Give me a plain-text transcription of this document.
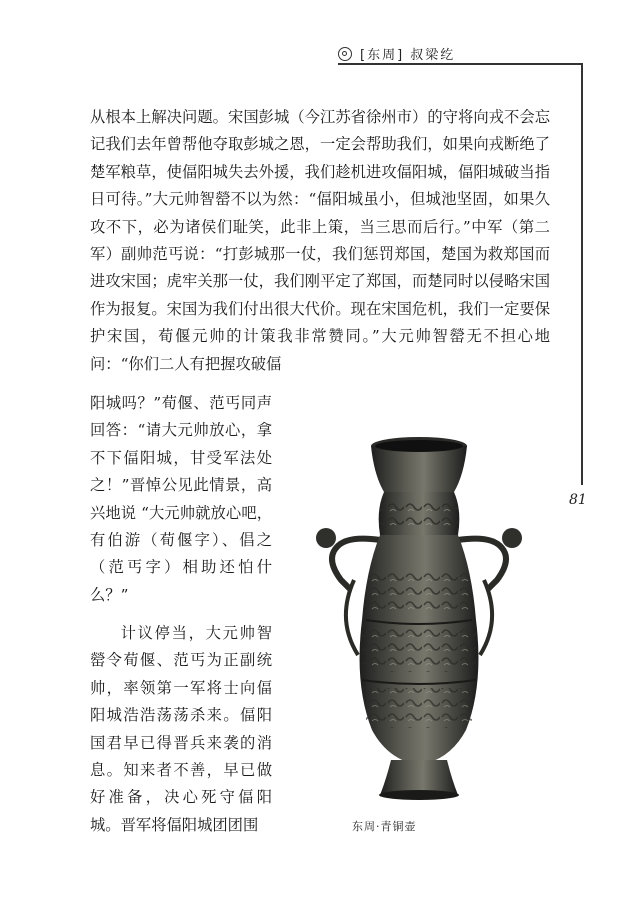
[东周] 叔梁纥
81

从根本上解决问题。宋国彭城（今江苏省徐州市）的守将向戎不会忘记我们去年曾帮他夺取彭城之恩，一定会帮助我们，如果向戎断绝了楚军粮草，使偪阳城失去外援，我们趁机进攻偪阳城，偪阳城破当指日可待。”大元帅智罃不以为然：“偪阳城虽小，但城池坚固，如果久攻不下，必为诸侯们耻笑，此非上策，当三思而后行。”中军（第二军）副帅范丐说：“打彭城那一仗，我们惩罚郑国，楚国为救郑国而进攻宋国；虎牢关那一仗，我们刚平定了郑国，而楚同时以侵略宋国作为报复。宋国为我们付出很大代价。现在宋国危机，我们一定要保护宋国，荀偃元帅的计策我非常赞同。”大元帅智罃无不担心地问：“你们二人有把握攻破偪

阳城吗？”荀偃、范丐同声回答：“请大元帅放心，拿不下偪阳城，甘受军法处之！”晋悼公见此情景，高兴地说 “大元帅就放心吧，有伯游（荀偃字）、倡之（范丐字）相助还怕什么？”

计议停当，大元帅智罃令荀偃、范丐为正副统帅，率领第一军将士向偪阳城浩浩荡荡杀来。偪阳国君早已得晋兵来袭的消息。知来者不善，早已做好准备，决心死守偪阳城。晋军将偪阳城团团围	东周·青铜壶
